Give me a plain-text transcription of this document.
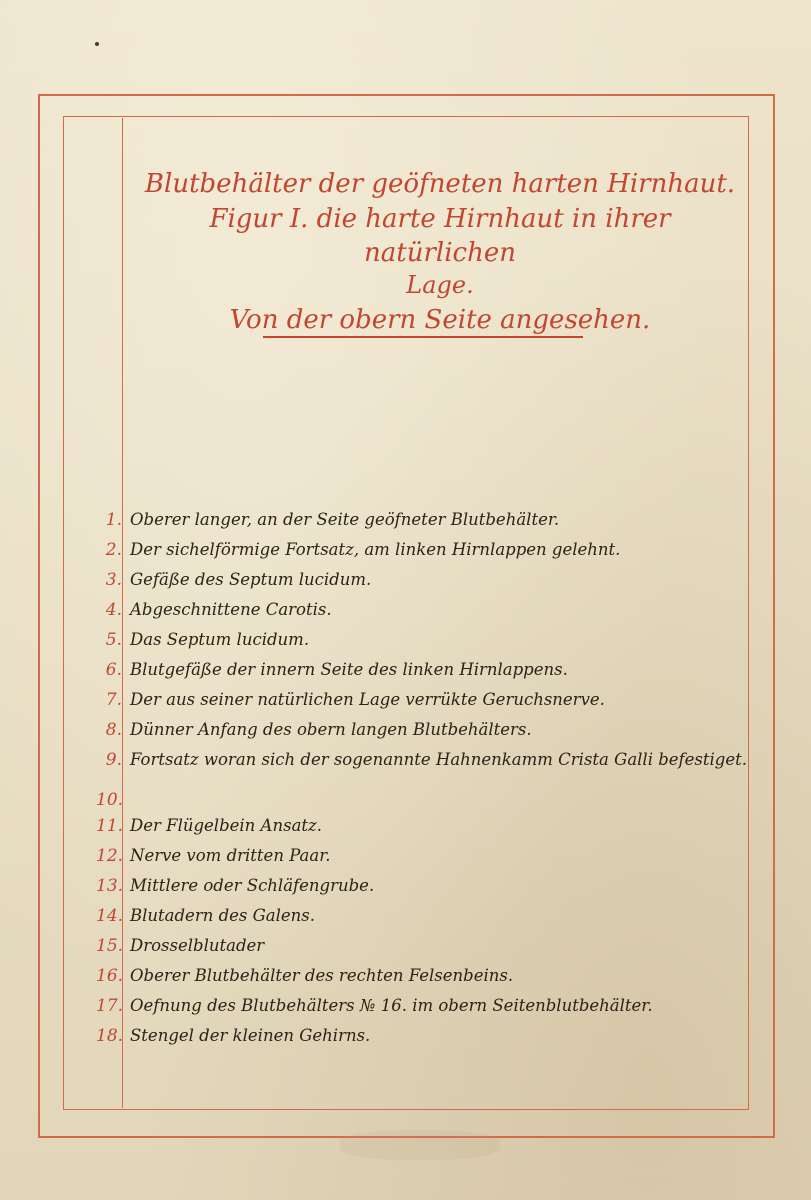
Blutbehälter der geöfneten harten Hirnhaut.
Figur I. die harte Hirnhaut in ihrer natürlichen
Lage.
Von der obern Seite angesehen.
1. Oberer langer, an der Seite geöfneter Blutbehälter.
2. Der sichelförmige Fortsatz, am linken Hirnlappen gelehnt.
3. Gefäße des Septum lucidum.
4. Abgeschnittene Carotis.
5. Das Septum lucidum.
6. Blutgefäße der innern Seite des linken Hirnlappens.
7. Der aus seiner natürlichen Lage verrükte Geruchsnerve.
8. Dünner Anfang des obern langen Blutbehälters.
9. Fortsatz woran sich der sogenannte Hahnenkamm Crista Galli befestiget.
10.
11. Der Flügelbein Ansatz.
12. Nerve vom dritten Paar.
13. Mittlere oder Schläfengrube.
14. Blutadern des Galens.
15. Drosselblutader
16. Oberer Blutbehälter des rechten Felsenbeins.
17. Oefnung des Blutbehälters № 16. im obern Seitenblutbehälter.
18. Stengel der kleinen Gehirns.
